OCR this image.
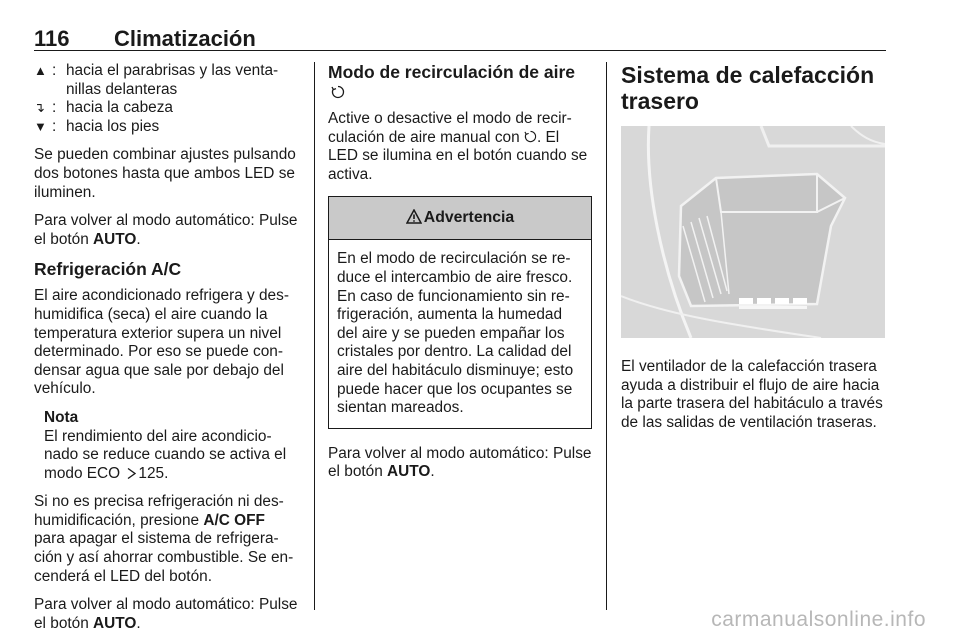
116 Climatización
▲ : hacia el parabrisas y las ventanillas delanteras
↴ : hacia la cabeza
▼ : hacia los pies

Se pueden combinar ajustes pulsando dos botones hasta que ambos LED se iluminen.

Para volver al modo automático: Pulse el botón AUTO.

Refrigeración A/C

El aire acondicionado refrigera y deshumidifica (seca) el aire cuando la temperatura exterior supera un nivel determinado. Por eso se puede condensar agua que sale por debajo del vehículo.

Nota
El rendimiento del aire acondicionado se reduce cuando se activa el modo ECO 125.

Si no es precisa refrigeración ni deshumidificación, presione A/C OFF para apagar el sistema de refrigeración y así ahorrar combustible. Se encenderá el LED del botón.

Para volver al modo automático: Pulse el botón AUTO.

Modo de recirculación de aire

Active o desactive el modo de recirculación de aire manual con . El LED se ilumina en el botón cuando se activa.

Advertencia
En el modo de recirculación se reduce el intercambio de aire fresco. En caso de funcionamiento sin refrigeración, aumenta la humedad del aire y se pueden empañar los cristales por dentro. La calidad del aire del habitáculo disminuye; esto puede hacer que los ocupantes se sientan mareados.

Para volver al modo automático: Pulse el botón AUTO.

Sistema de calefacción trasero

El ventilador de la calefacción trasera ayuda a distribuir el flujo de aire hacia la parte trasera del habitáculo a través de las salidas de ventilación traseras.

carmanualsonline.info
